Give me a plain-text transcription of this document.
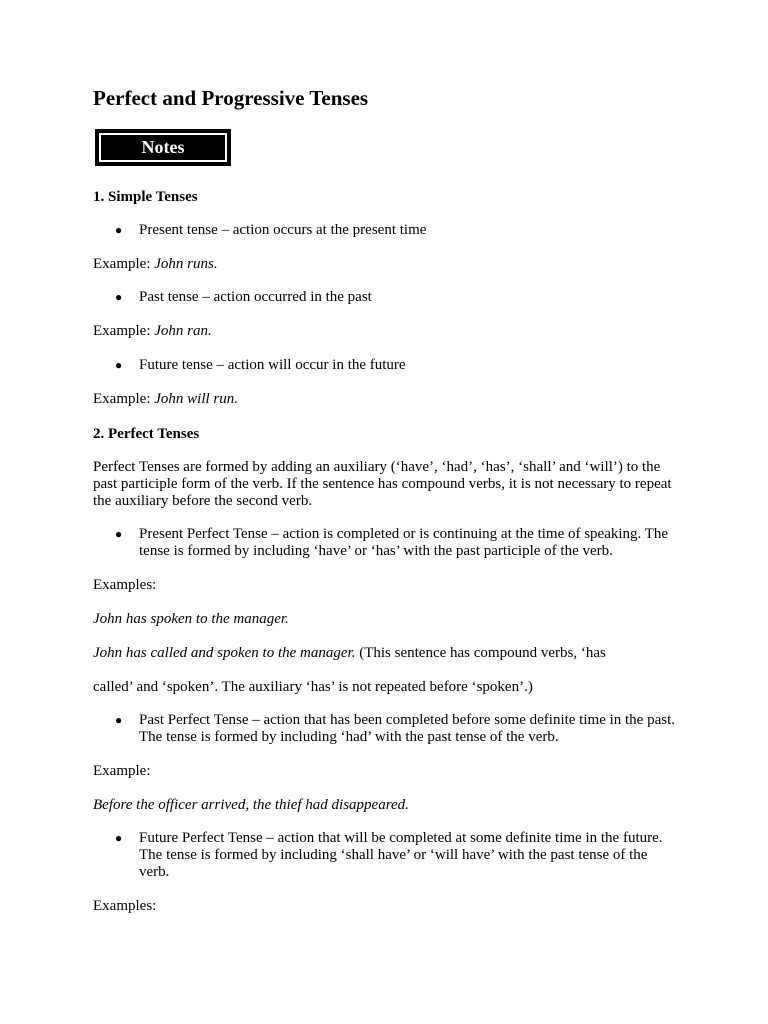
Perfect and Progressive Tenses
Notes
1. Simple Tenses
● Present tense – action occurs at the present time
Example: John runs.
● Past tense – action occurred in the past
Example: John ran.
● Future tense – action will occur in the future
Example: John will run.
2. Perfect Tenses
Perfect Tenses are formed by adding an auxiliary (‘have’, ‘had’, ‘has’, ‘shall’ and ‘will’) to the past participle form of the verb. If the sentence has compound verbs, it is not necessary to repeat the auxiliary before the second verb.
● Present Perfect Tense – action is completed or is continuing at the time of speaking. The tense is formed by including ‘have’ or ‘has’ with the past participle of the verb.
Examples:
John has spoken to the manager.
John has called and spoken to the manager. (This sentence has compound verbs, ‘has
called’ and ‘spoken’. The auxiliary ‘has’ is not repeated before ‘spoken’.)
● Past Perfect Tense – action that has been completed before some definite time in the past. The tense is formed by including ‘had’ with the past tense of the verb.
Example:
Before the officer arrived, the thief had disappeared.
● Future Perfect Tense – action that will be completed at some definite time in the future. The tense is formed by including ‘shall have’ or ‘will have’ with the past tense of the verb.
Examples:
